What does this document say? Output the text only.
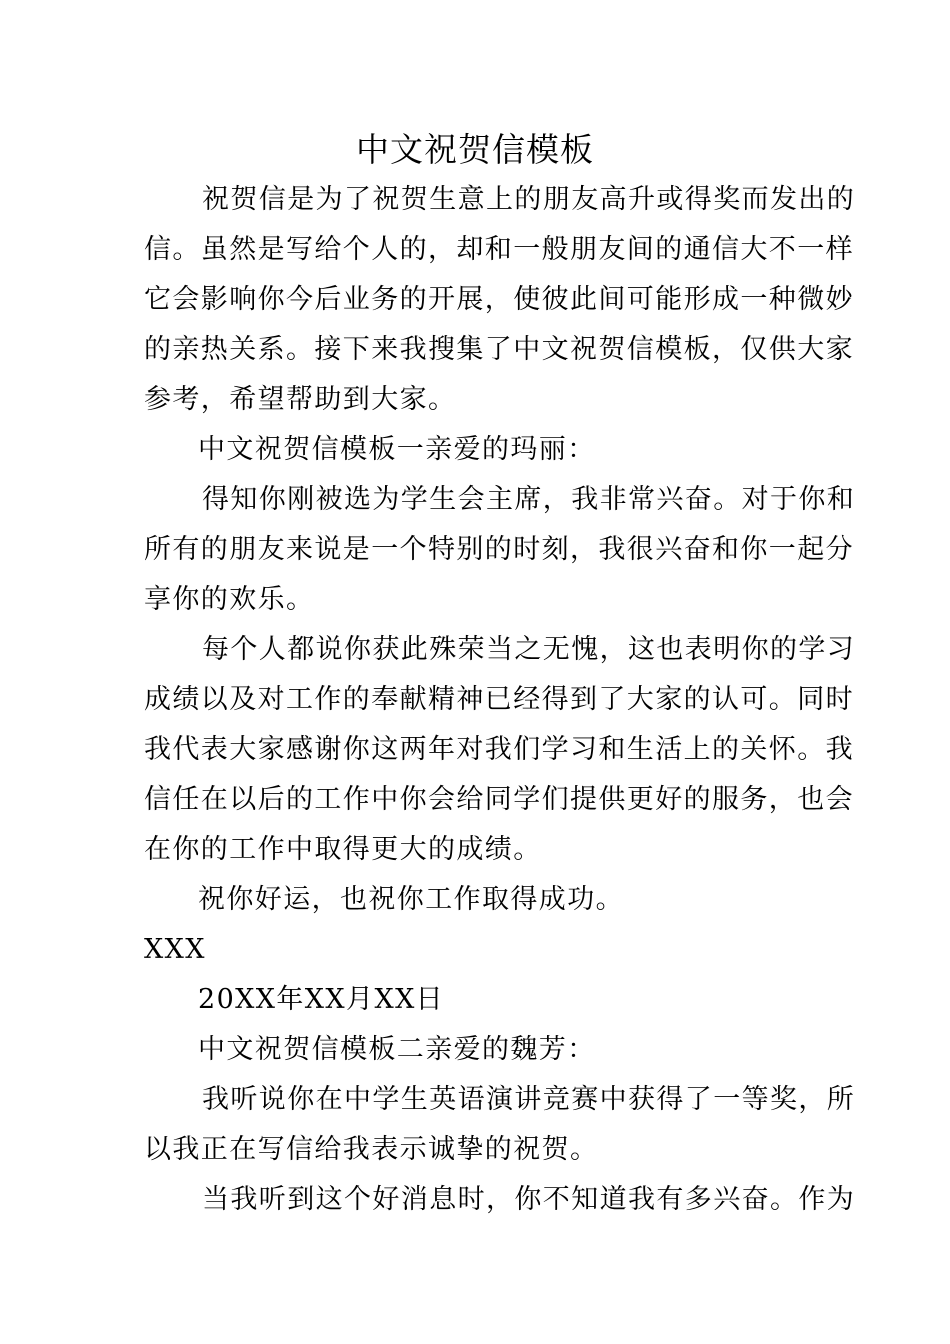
中文祝贺信模板

祝贺信是为了祝贺生意上的朋友高升或得奖而发出的

信。虽然是写给个人的，却和一般朋友间的通信大不一样

它会影响你今后业务的开展，使彼此间可能形成一种微妙

的亲热关系。接下来我搜集了中文祝贺信模板，仅供大家

参考，希望帮助到大家。

中文祝贺信模板一亲爱的玛丽：

得知你刚被选为学生会主席，我非常兴奋。对于你和

所有的朋友来说是一个特别的时刻，我很兴奋和你一起分

享你的欢乐。

每个人都说你获此殊荣当之无愧，这也表明你的学习

成绩以及对工作的奉献精神已经得到了大家的认可。同时

我代表大家感谢你这两年对我们学习和生活上的关怀。我

信任在以后的工作中你会给同学们提供更好的服务，也会

在你的工作中取得更大的成绩。

祝你好运，也祝你工作取得成功。

XXX

20XX年XX月XX日

中文祝贺信模板二亲爱的魏芳：

我听说你在中学生英语演讲竞赛中获得了一等奖，所

以我正在写信给我表示诚挚的祝贺。

当我听到这个好消息时，你不知道我有多兴奋。作为
